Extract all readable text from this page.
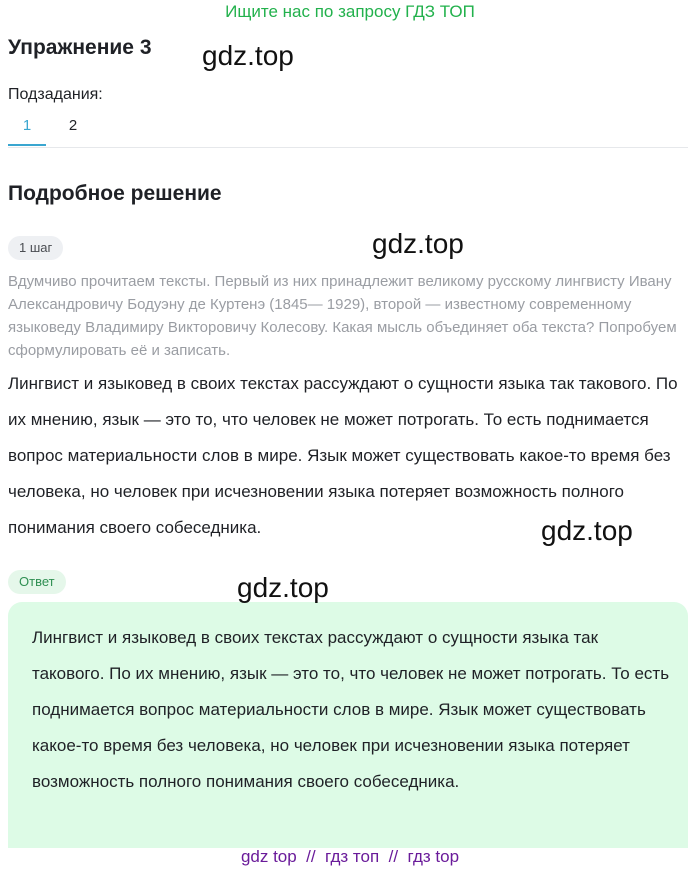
Ищите нас по запросу ГДЗ ТОП
Упражнение 3
Подзадания:
1	2
Подробное решение
1 шаг

Вдумчиво прочитаем тексты. Первый из них принадлежит великому русскому лингвисту Ивану Александровичу Бодуэну де Куртенэ (1845— 1929), второй — известному современному языковеду Владимиру Викторовичу Колесову. Какая мысль объединяет оба текста? Попробуем сформулировать её и записать.

Лингвист и языковед в своих текстах рассуждают о сущности языка так такового. По их мнению, язык — это то, что человек не может потрогать. То есть поднимается вопрос материальности слов в мире. Язык может существовать какое-то время без человека, но человек при исчезновении языка потеряет возможность полного понимания своего собеседника.

Ответ

Лингвист и языковед в своих текстах рассуждают о сущности языка так такового. По их мнению, язык — это то, что человек не может потрогать. То есть поднимается вопрос материальности слов в мире. Язык может существовать какое-то время без человека, но человек при исчезновении языка потеряет возможность полного понимания своего собеседника.

gdz.top
gdz.top
gdz.top
gdz.top
gdz top  //  гдз топ  //  гдз top
